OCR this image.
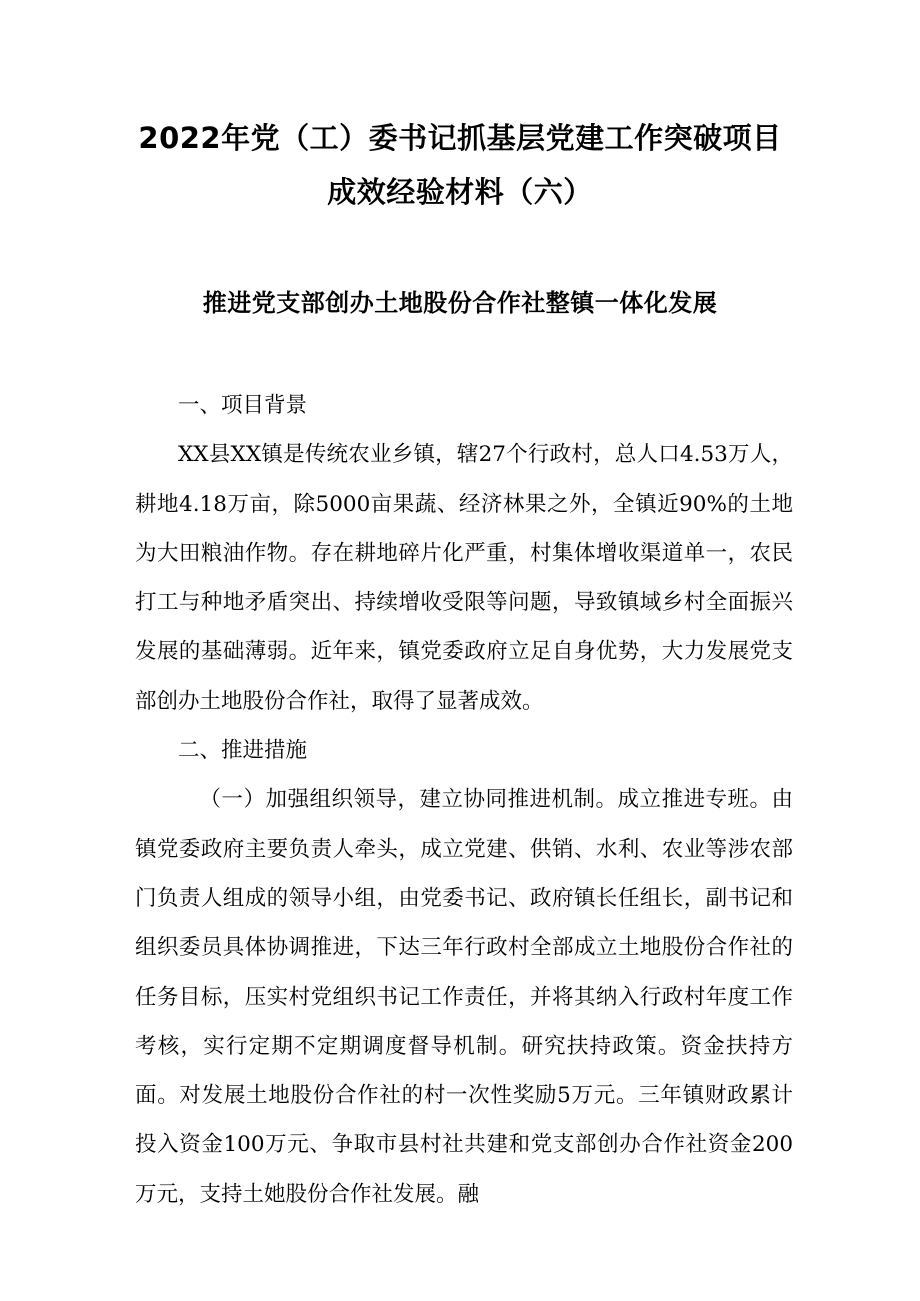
2022年党（工）委书记抓基层党建工作突破项目
成效经验材料（六）
推进党支部创办土地股份合作社整镇一体化发展

一、项目背景

XX县XX镇是传统农业乡镇，辖27个行政村，总人口4.53万人，耕地4.18万亩，除5000亩果蔬、经济林果之外，全镇近90%的土地为大田粮油作物。存在耕地碎片化严重，村集体增收渠道单一，农民打工与种地矛盾突出、持续增收受限等问题，导致镇域乡村全面振兴发展的基础薄弱。近年来，镇党委政府立足自身优势，大力发展党支部创办土地股份合作社，取得了显著成效。

二、推进措施

（一）加强组织领导，建立协同推进机制。成立推进专班。由镇党委政府主要负责人牵头，成立党建、供销、水利、农业等涉农部门负责人组成的领导小组，由党委书记、政府镇长任组长，副书记和组织委员具体协调推进，下达三年行政村全部成立土地股份合作社的任务目标，压实村党组织书记工作责任，并将其纳入行政村年度工作考核，实行定期不定期调度督导机制。研究扶持政策。资金扶持方面。对发展土地股份合作社的村一次性奖励5万元。三年镇财政累计投入资金100万元、争取市县村社共建和党支部创办合作社资金200万元，支持土她股份合作社发展。融
